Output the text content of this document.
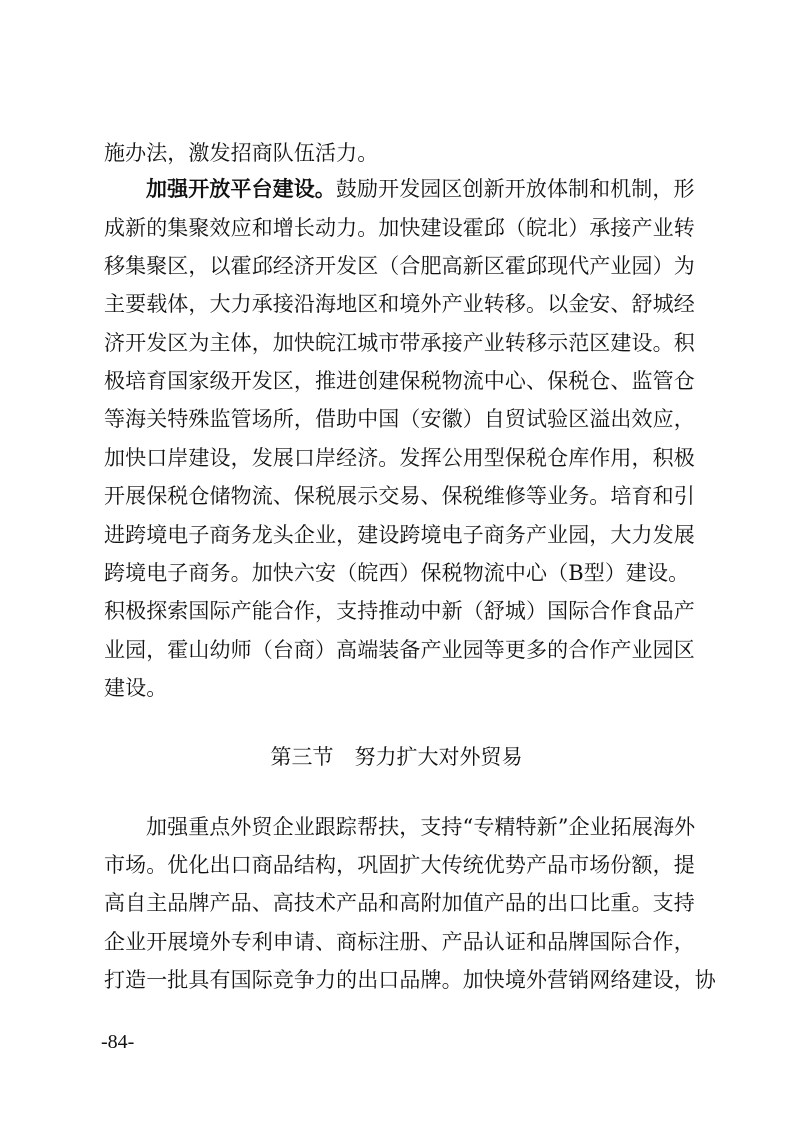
施办法，激发招商队伍活力。
加强开放平台建设。鼓励开发园区创新开放体制和机制，形
成新的集聚效应和增长动力。加快建设霍邱（皖北）承接产业转
移集聚区，以霍邱经济开发区（合肥高新区霍邱现代产业园）为
主要载体，大力承接沿海地区和境外产业转移。以金安、舒城经
济开发区为主体，加快皖江城市带承接产业转移示范区建设。积
极培育国家级开发区，推进创建保税物流中心、保税仓、监管仓
等海关特殊监管场所，借助中国（安徽）自贸试验区溢出效应，
加快口岸建设，发展口岸经济。发挥公用型保税仓库作用，积极
开展保税仓储物流、保税展示交易、保税维修等业务。培育和引
进跨境电子商务龙头企业，建设跨境电子商务产业园，大力发展
跨境电子商务。加快六安（皖西）保税物流中心（B型）建设。
积极探索国际产能合作，支持推动中新（舒城）国际合作食品产
业园，霍山幼师（台商）高端装备产业园等更多的合作产业园区
建设。
第三节　努力扩大对外贸易
加强重点外贸企业跟踪帮扶，支持“专精特新”企业拓展海外
市场。优化出口商品结构，巩固扩大传统优势产品市场份额，提
高自主品牌产品、高技术产品和高附加值产品的出口比重。支持
企业开展境外专利申请、商标注册、产品认证和品牌国际合作，
打造一批具有国际竞争力的出口品牌。加快境外营销网络建设，协
-84-
